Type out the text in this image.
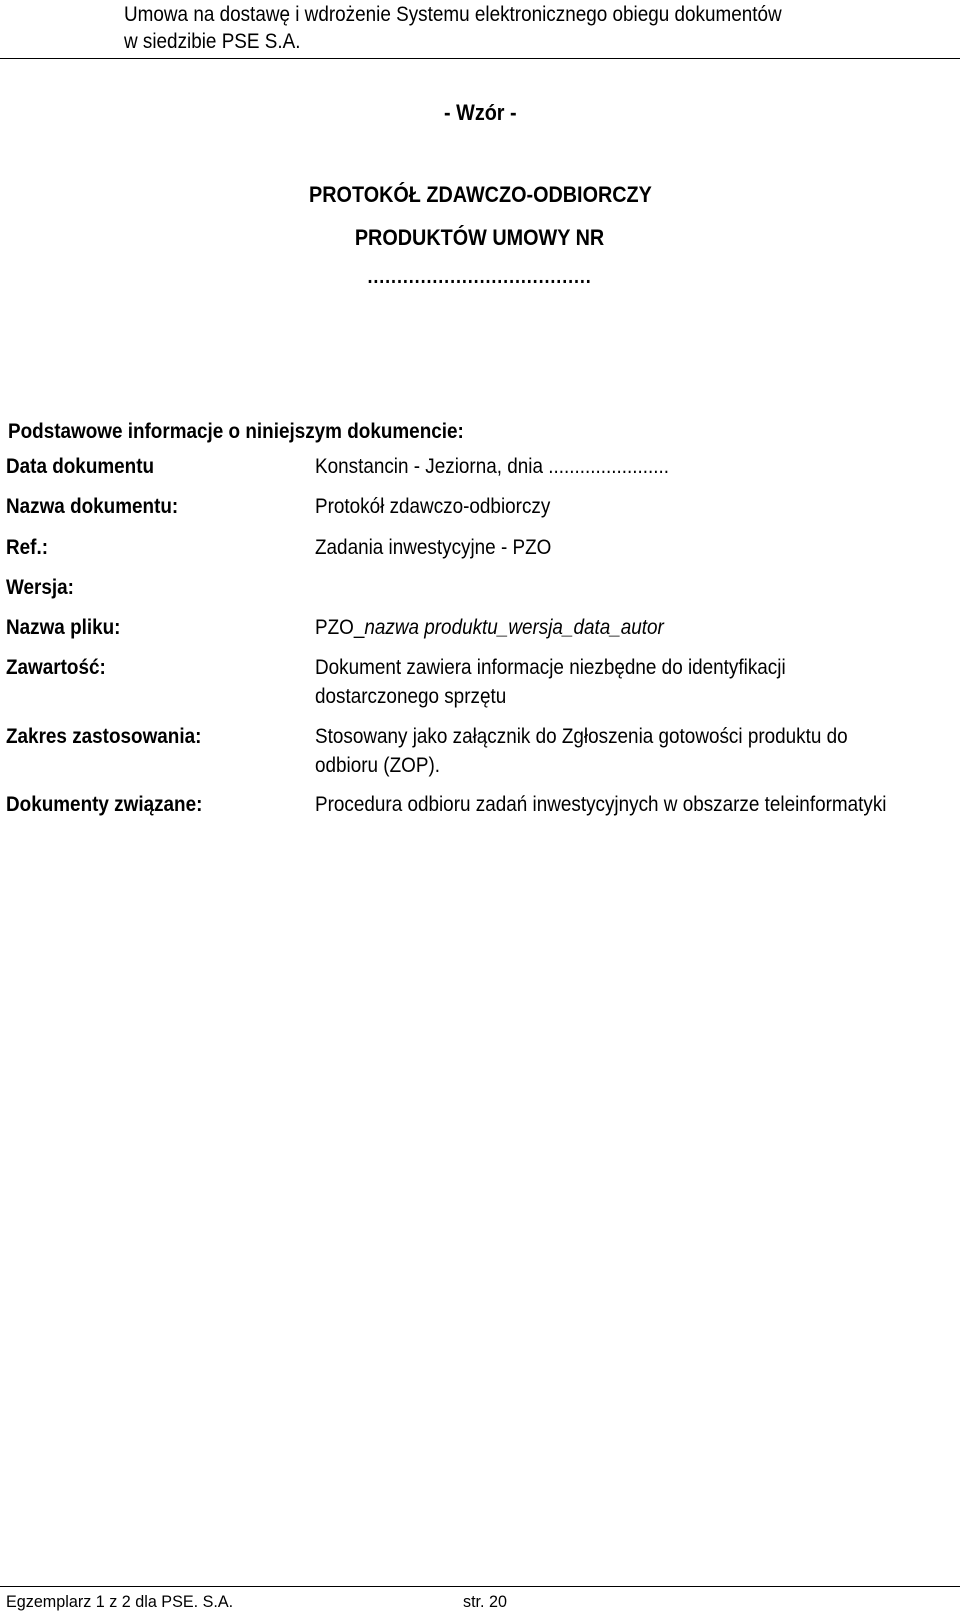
Umowa na dostawę i wdrożenie Systemu elektronicznego obiegu dokumentów
w siedzibie PSE S.A.
- Wzór -
PROTOKÓŁ ZDAWCZO-ODBIORCZY
PRODUKTÓW UMOWY NR
......................................
Podstawowe informacje o niniejszym dokumencie:
Data dokumentu	Konstancin - Jeziorna, dnia .......................
Nazwa dokumentu:	Protokół zdawczo-odbiorczy
Ref.:	Zadania inwestycyjne - PZO
Wersja:
Nazwa pliku:	PZO_nazwa produktu_wersja_data_autor
Zawartość:	Dokument zawiera informacje niezbędne do identyfikacji dostarczonego sprzętu
Zakres zastosowania:	Stosowany jako załącznik do Zgłoszenia gotowości produktu do odbioru (ZOP).
Dokumenty związane:	Procedura odbioru zadań inwestycyjnych w obszarze teleinformatyki
Egzemplarz 1 z 2 dla PSE. S.A.	str. 20
